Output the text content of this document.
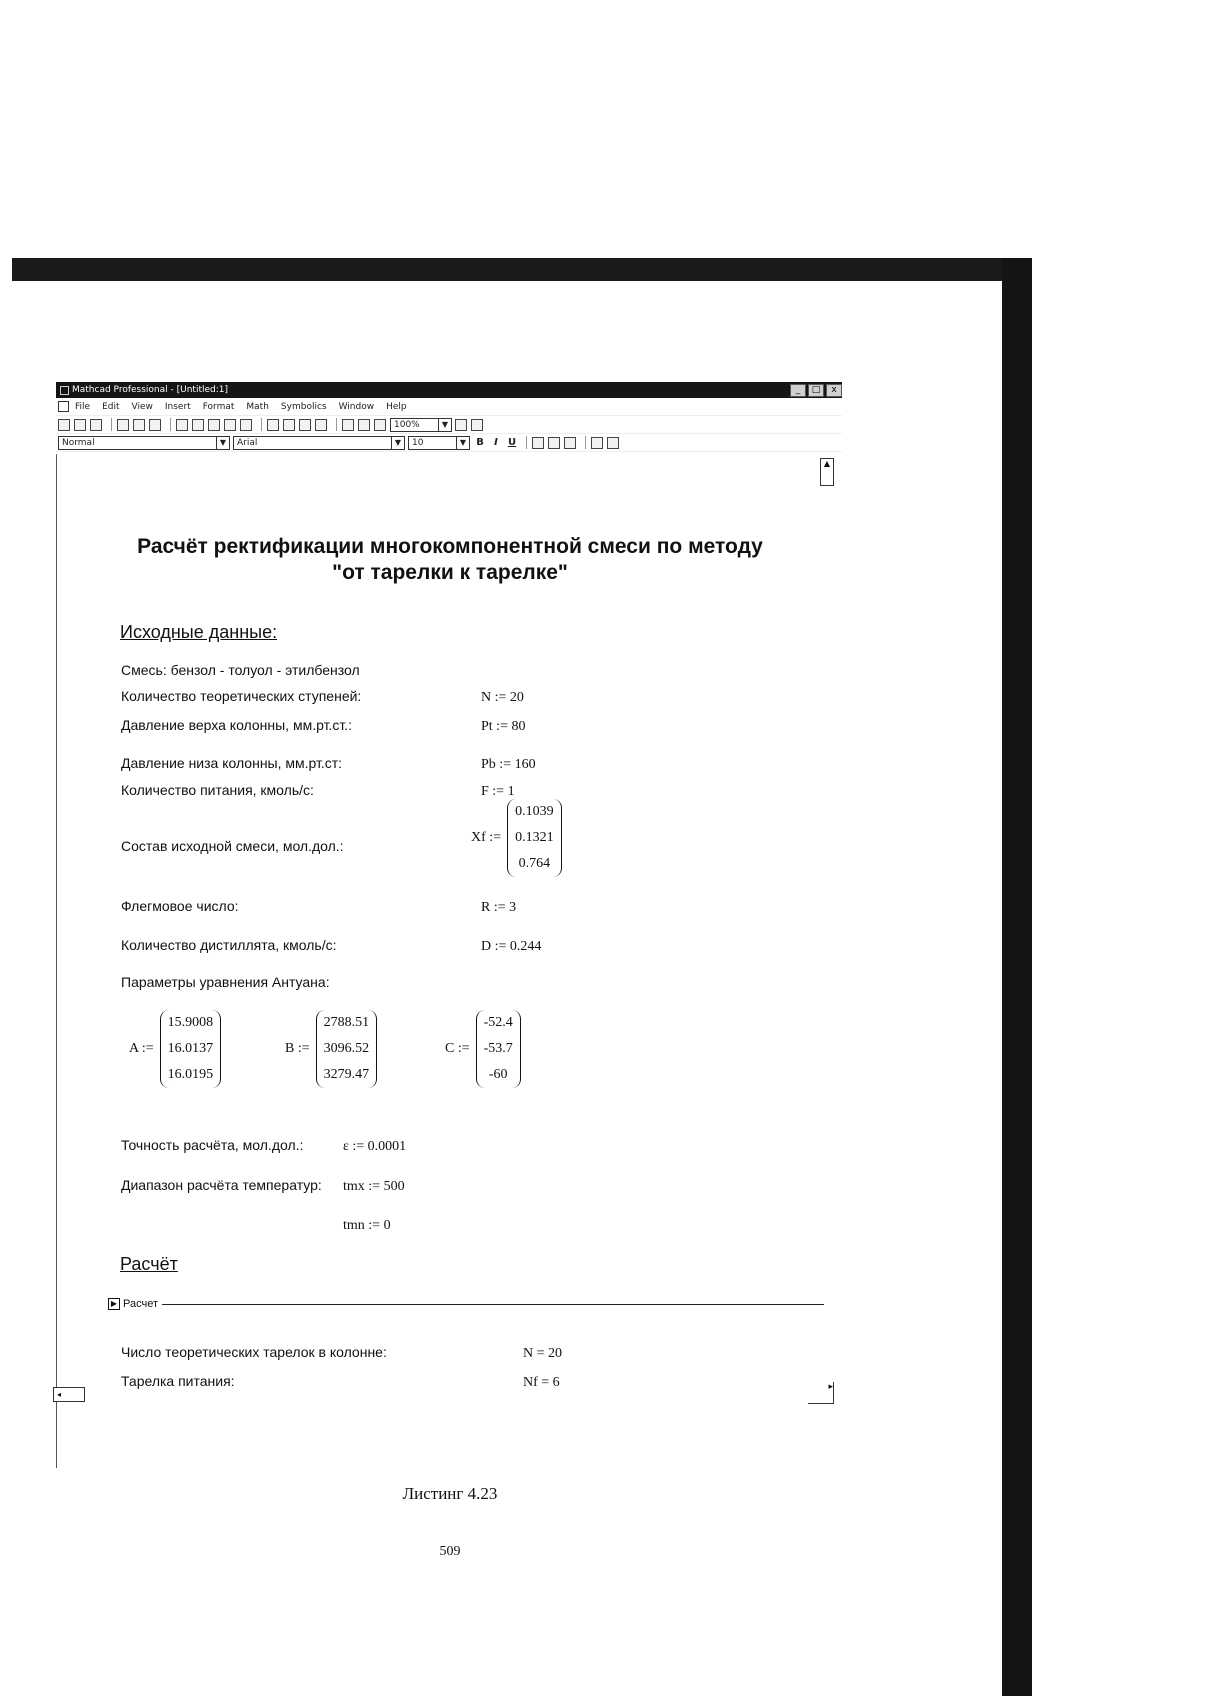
Mathcad Professional - [Untitled:1]	_	□	x
File Edit View Insert Format Math Symbolics Window Help
100%	▼
Normal	▼	Arial	▼	10	▼	B	I	U
▲
Расчёт ректификации многокомпонентной смеси по методу
"от тарелки к тарелке"
Исходные данные:
Смесь: бензол - толуол - этилбензол
Количество теоретических ступеней:	N := 20
Давление верха колонны, мм.рт.ст.:	Pt := 80
Давление низа колонны, мм.рт.ст:	Pb := 160
Количество питания, кмоль/с:	F := 1
Состав исходной смеси, мол.дол.:
Xf :=
0.1039
0.1321
0.764
Флегмовое число:	R := 3
Количество дистиллята, кмоль/с:	D := 0.244
Параметры уравнения Антуана:
A :=
15.9008
16.0137
16.0195
B :=
2788.51
3096.52
3279.47
C :=
-52.4
-53.7
-60
Точность расчёта, мол.дол.:	ε := 0.0001
Диапазон расчёта температур: tmx := 500
tmn := 0
Расчёт
▶ Расчет
Число теоретических тарелок в колонне:	N = 20
Тарелка питания:	Nf = 6
◂
▸
Листинг 4.23
509
